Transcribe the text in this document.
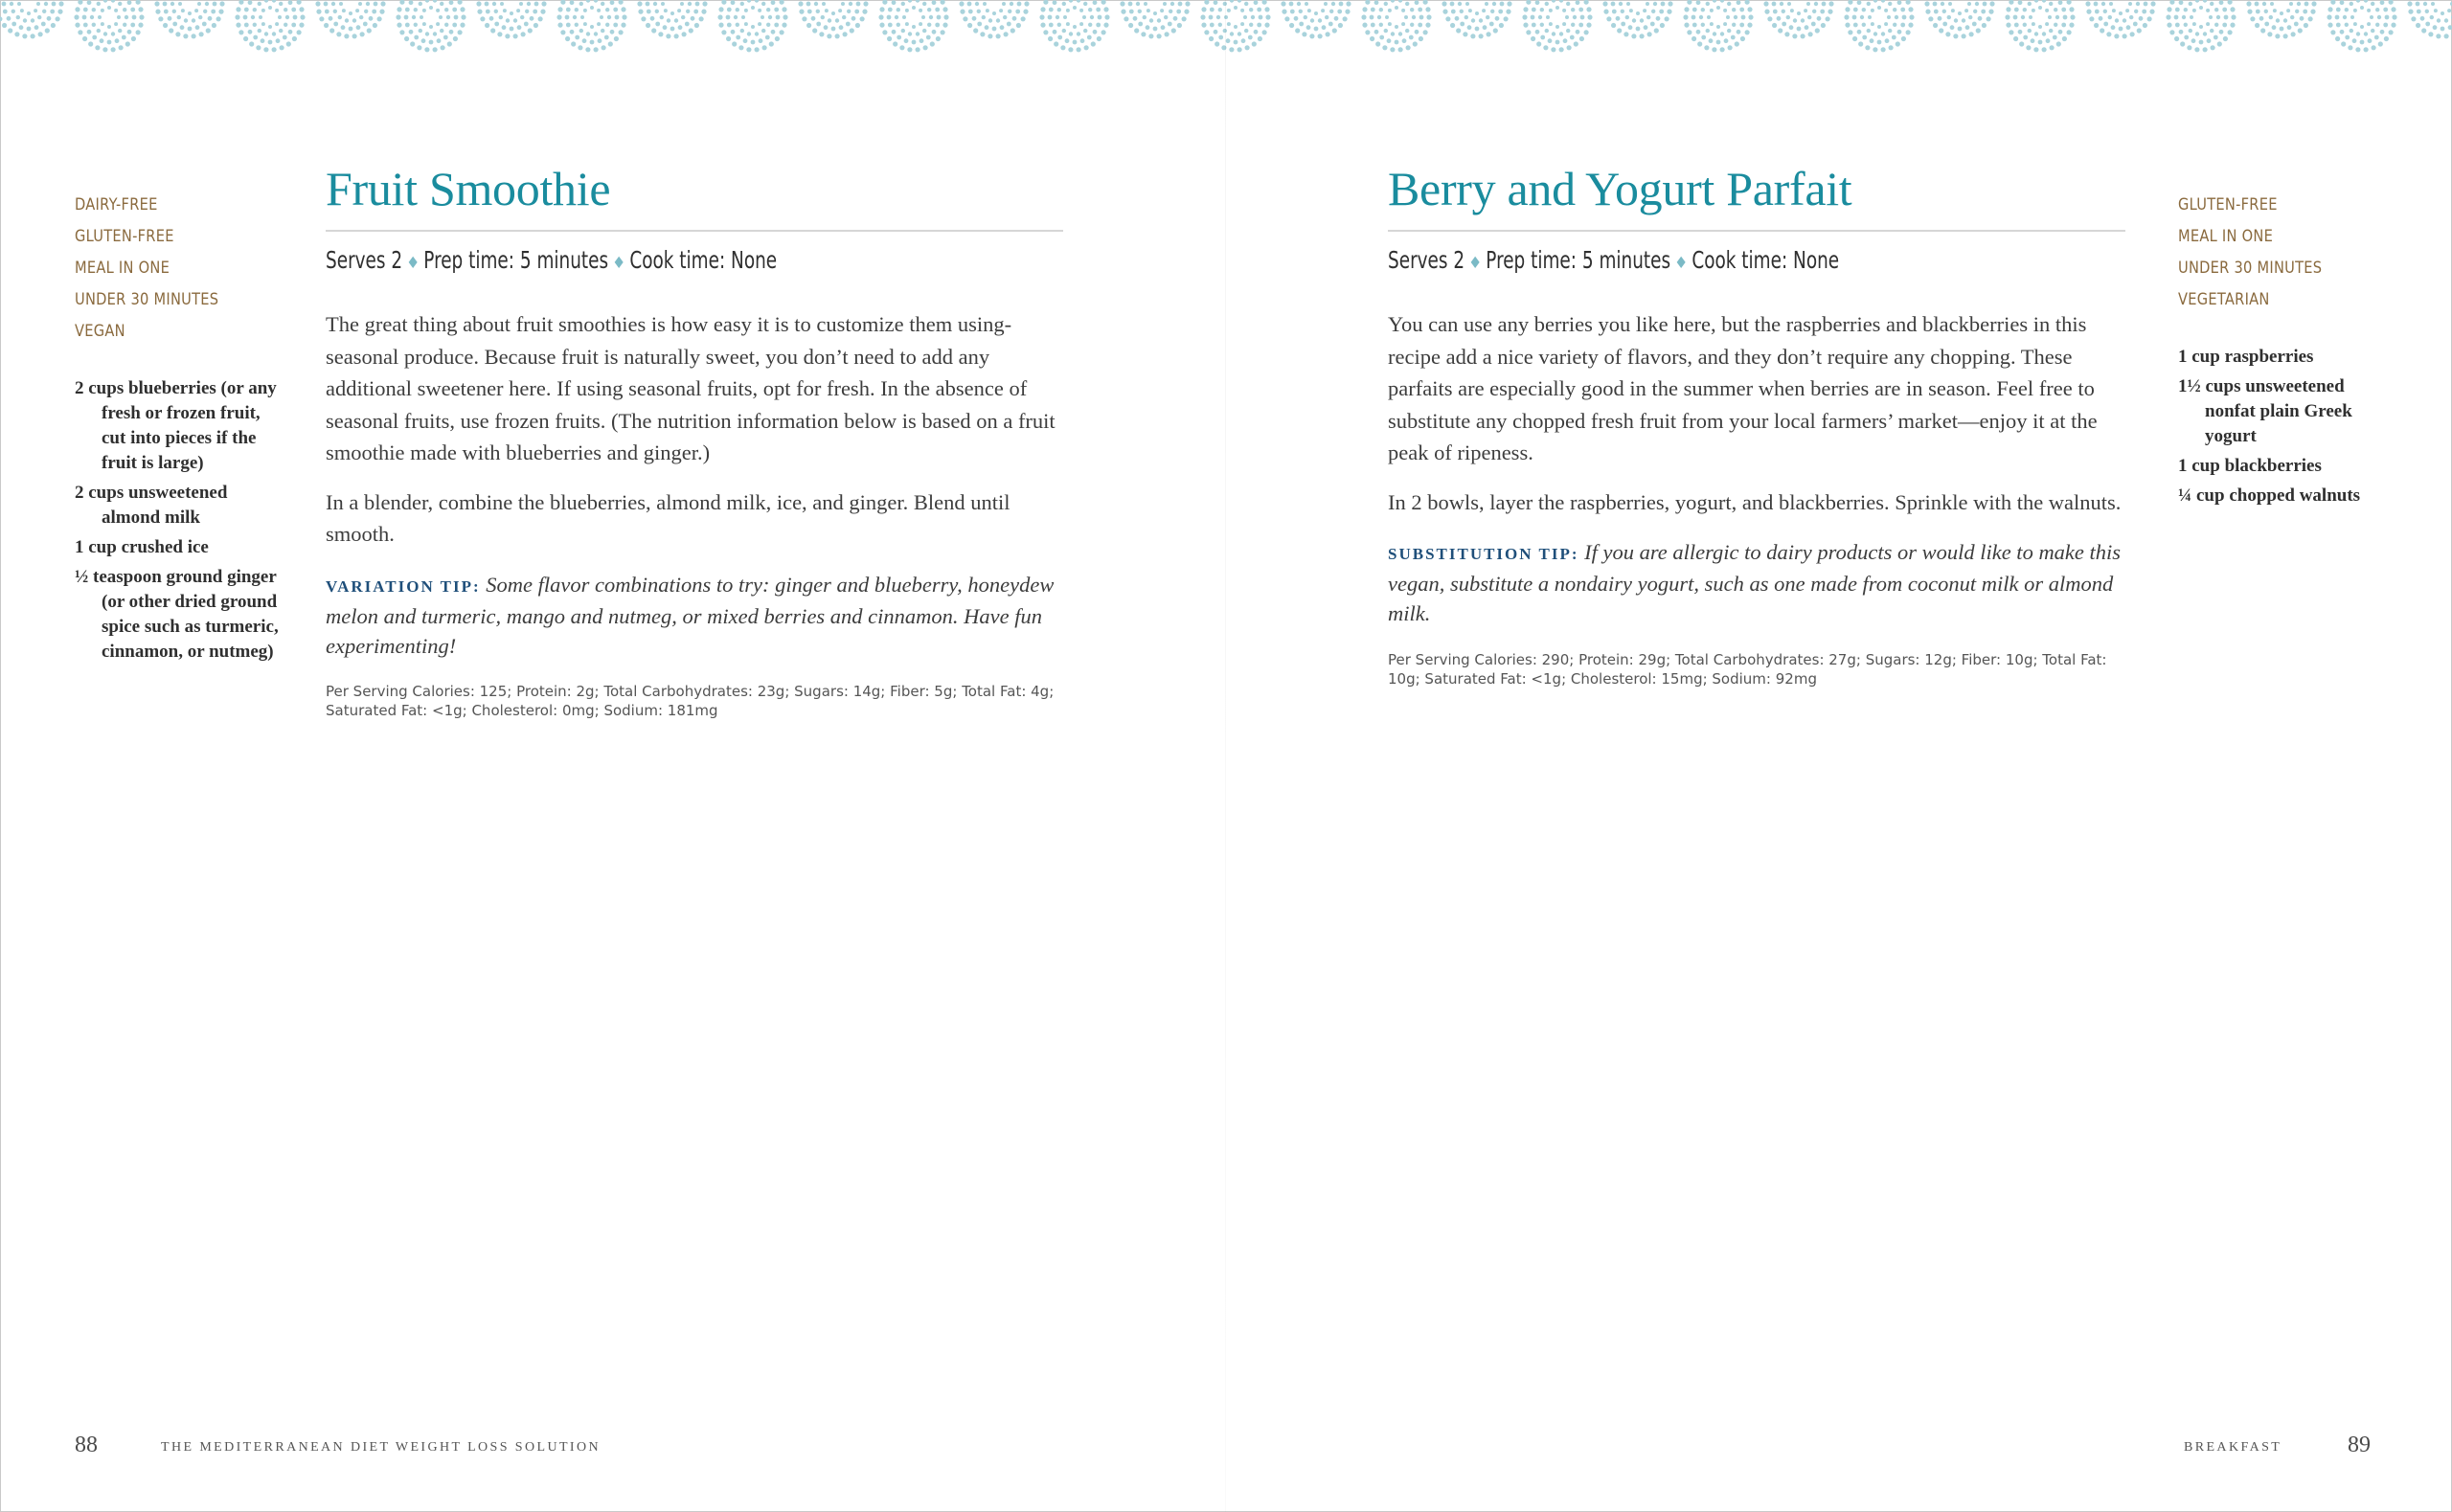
DAIRY-FREE
GLUTEN-FREE
MEAL IN ONE
UNDER 30 MINUTES
VEGAN
2 cups blueberries (or any fresh or frozen fruit, cut into pieces if the fruit is large)
2 cups unsweetened almond milk
1 cup crushed ice
½ teaspoon ground ginger (or other dried ground spice such as turmeric, cinnamon, or nutmeg)
Fruit Smoothie
Serves 2 ◆ Prep time: 5 minutes ◆ Cook time: None

The great thing about fruit smoothies is how easy it is to customize them using-seasonal produce. Because fruit is naturally sweet, you don’t need to add any additional sweetener here. If using seasonal fruits, opt for fresh. In the absence of seasonal fruits, use frozen fruits. (The nutrition information below is based on a fruit smoothie made with blueberries and ginger.)

In a blender, combine the blueberries, almond milk, ice, and ginger. Blend until smooth.

VARIATION TIP: Some flavor combinations to try: ginger and blueberry, honeydew melon and turmeric, mango and nutmeg, or mixed berries and cinnamon. Have fun experimenting!

Per Serving Calories: 125; Protein: 2g; Total Carbohydrates: 23g; Sugars: 14g; Fiber: 5g; Total Fat: 4g; Saturated Fat: <1g; Cholesterol: 0mg; Sodium: 181mg
88	THE MEDITERRANEAN DIET WEIGHT LOSS SOLUTION
Berry and Yogurt Parfait
Serves 2 ◆ Prep time: 5 minutes ◆ Cook time: None

You can use any berries you like here, but the raspberries and blackberries in this recipe add a nice variety of flavors, and they don’t require any chopping. These parfaits are especially good in the summer when berries are in season. Feel free to substitute any chopped fresh fruit from your local farmers’ market—enjoy it at the peak of ripeness.

In 2 bowls, layer the raspberries, yogurt, and blackberries. Sprinkle with the walnuts.

SUBSTITUTION TIP: If you are allergic to dairy products or would like to make this vegan, substitute a nondairy yogurt, such as one made from coconut milk or almond milk.

Per Serving Calories: 290; Protein: 29g; Total Carbohydrates: 27g; Sugars: 12g; Fiber: 10g; Total Fat: 10g; Saturated Fat: <1g; Cholesterol: 15mg; Sodium: 92mg
GLUTEN-FREE
MEAL IN ONE
UNDER 30 MINUTES
VEGETARIAN
1 cup raspberries
1½ cups unsweetened nonfat plain Greek yogurt
1 cup blackberries
¼ cup chopped walnuts
BREAKFAST	89
